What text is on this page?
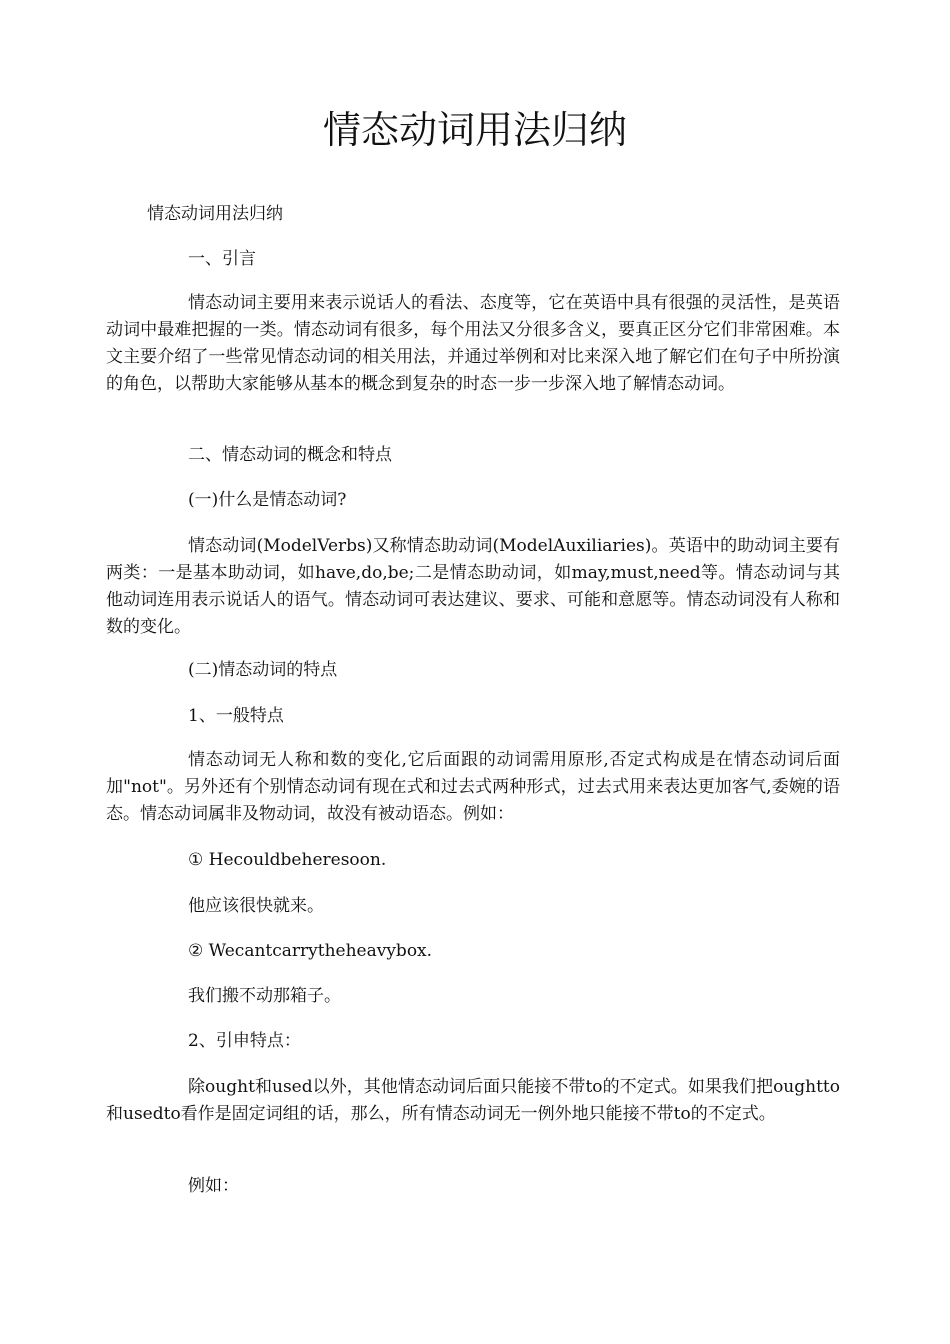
情态动词用法归纳

情态动词用法归纳

一、引言

情态动词主要用来表示说话人的看法、态度等，它在英语中具有很强的灵活性，是英语动词中最难把握的一类。情态动词有很多，每个用法又分很多含义，要真正区分它们非常困难。本文主要介绍了一些常见情态动词的相关用法，并通过举例和对比来深入地了解它们在句子中所扮演的角色，以帮助大家能够从基本的概念到复杂的时态一步一步深入地了解情态动词。

二、情态动词的概念和特点

(一)什么是情态动词?

情态动词(ModelVerbs)又称情态助动词(ModelAuxiliaries)。英语中的助动词主要有两类：一是基本助动词，如have,do,be;二是情态助动词，如may,must,need等。情态动词与其他动词连用表示说话人的语气。情态动词可表达建议、要求、可能和意愿等。情态动词没有人称和数的变化。

(二)情态动词的特点

1、一般特点

情态动词无人称和数的变化,它后面跟的动词需用原形,否定式构成是在情态动词后面加"not"。另外还有个别情态动词有现在式和过去式两种形式，过去式用来表达更加客气,委婉的语态。情态动词属非及物动词，故没有被动语态。例如：

① Hecouldbeheresoon.

他应该很快就来。

② Wecantcarrytheheavybox.

我们搬不动那箱子。

2、引申特点：

除ought和used以外，其他情态动词后面只能接不带to的不定式。如果我们把oughtto和usedto看作是固定词组的话，那么，所有情态动词无一例外地只能接不带to的不定式。

例如：
